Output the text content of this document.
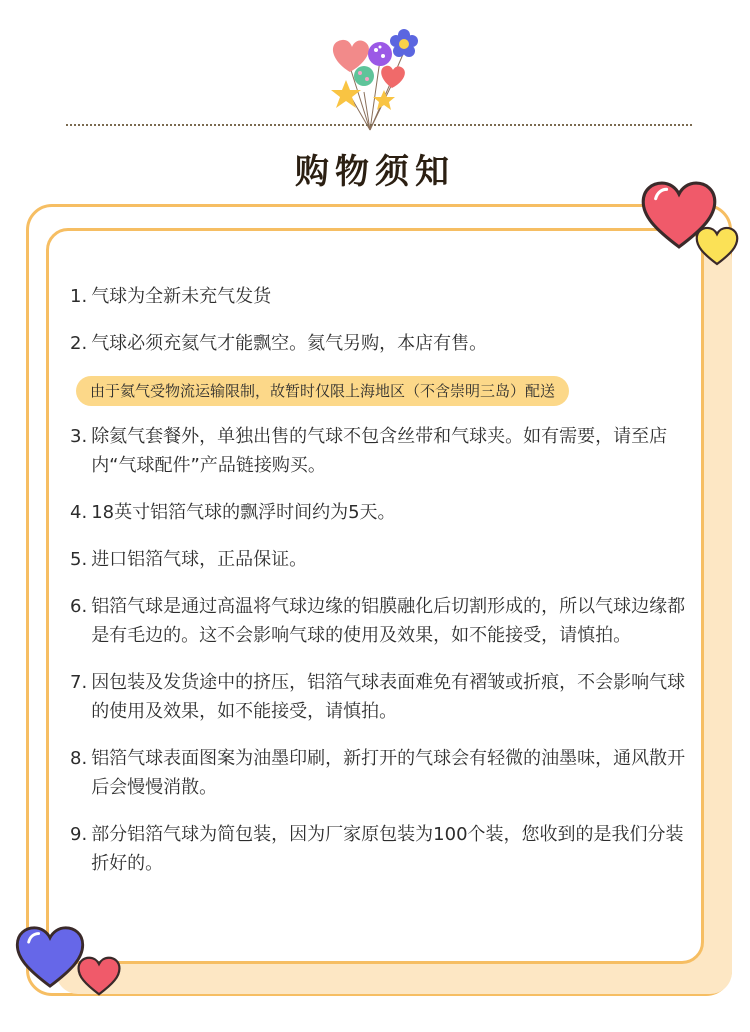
购物须知
1. 气球为全新未充气发货
2. 气球必须充氦气才能飘空。氦气另购，本店有售。
由于氦气受物流运输限制，故暂时仅限上海地区（不含崇明三岛）配送
3. 除氦气套餐外，单独出售的气球不包含丝带和气球夹。如有需要，请至店内“气球配件”产品链接购买。
4. 18英寸铝箔气球的飘浮时间约为5天。
5. 进口铝箔气球，正品保证。
6. 铝箔气球是通过高温将气球边缘的铝膜融化后切割形成的，所以气球边缘都是有毛边的。这不会影响气球的使用及效果，如不能接受，请慎拍。
7. 因包装及发货途中的挤压，铝箔气球表面难免有褶皱或折痕，不会影响气球的使用及效果，如不能接受，请慎拍。
8. 铝箔气球表面图案为油墨印刷，新打开的气球会有轻微的油墨味，通风散开后会慢慢消散。
9. 部分铝箔气球为简包装，因为厂家原包装为100个装，您收到的是我们分装折好的。
